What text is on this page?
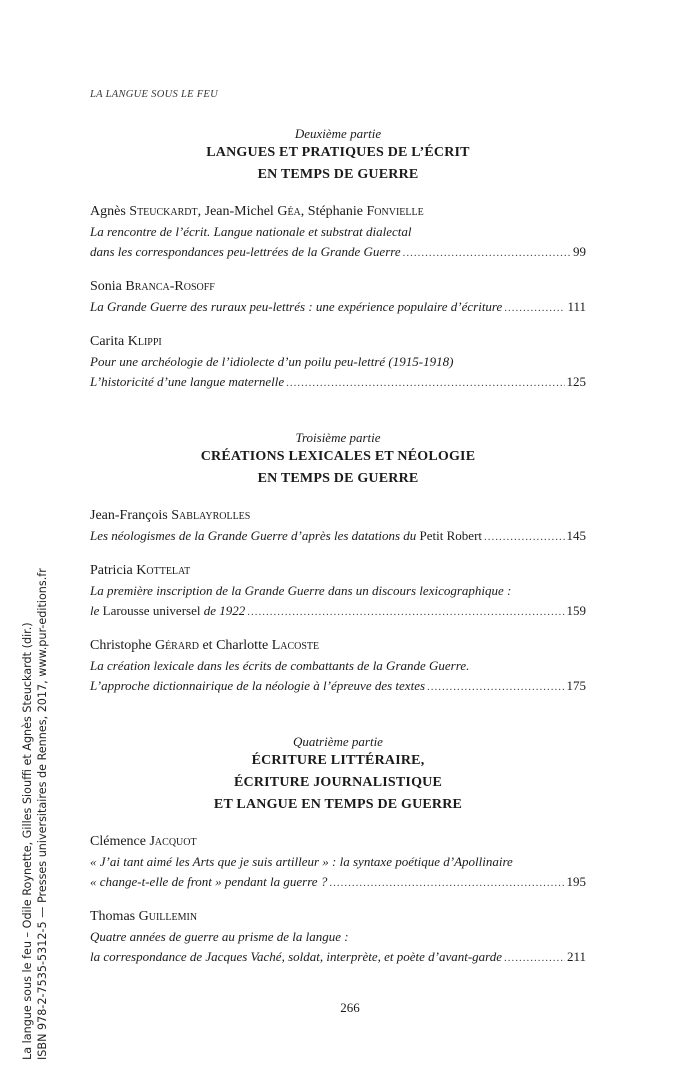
LA LANGUE SOUS LE FEU
Deuxième partie
LANGUES ET PRATIQUES DE L’ÉCRIT
EN TEMPS DE GUERRE
Agnès Steuckardt, Jean-Michel Géa, Stéphanie Fonvielle
La rencontre de l’écrit. Langue nationale et substrat dialectal
dans les correspondances peu-lettrées de la Grande Guerre .....	99
Sonia Branca-Rosoff
La Grande Guerre des ruraux peu-lettrés : une expérience populaire d’écriture .....	111
Carita Klippi
Pour une archéologie de l’idiolecte d’un poilu peu-lettré (1915-1918)
L’historicité d’une langue maternelle .....	125
Troisième partie
CRÉATIONS LEXICALES ET NÉOLOGIE
EN TEMPS DE GUERRE
Jean-François Sablayrolles
Les néologismes de la Grande Guerre d’après les datations du Petit Robert .....	145
Patricia Kottelat
La première inscription de la Grande Guerre dans un discours lexicographique :
le Larousse universel de 1922 .....	159
Christophe Gérard et Charlotte Lacoste
La création lexicale dans les écrits de combattants de la Grande Guerre.
L’approche dictionnairique de la néologie à l’épreuve des textes .....	175
Quatrième partie
ÉCRITURE LITTÉRAIRE,
ÉCRITURE JOURNALISTIQUE
ET LANGUE EN TEMPS DE GUERRE
Clémence Jacquot
« J’ai tant aimé les Arts que je suis artilleur » : la syntaxe poétique d’Apollinaire
« change-t-elle de front » pendant la guerre ? .....	195
Thomas Guillemin
Quatre années de guerre au prisme de la langue :
la correspondance de Jacques Vaché, soldat, interprète, et poète d’avant-garde .....	211
266
La langue sous le feu – Odile Roynette, Gilles Siouffi et Agnès Steuckardt (dir.) ISBN 978-2-7535-5312-5 — Presses universitaires de Rennes, 2017, www.pur-editions.fr
